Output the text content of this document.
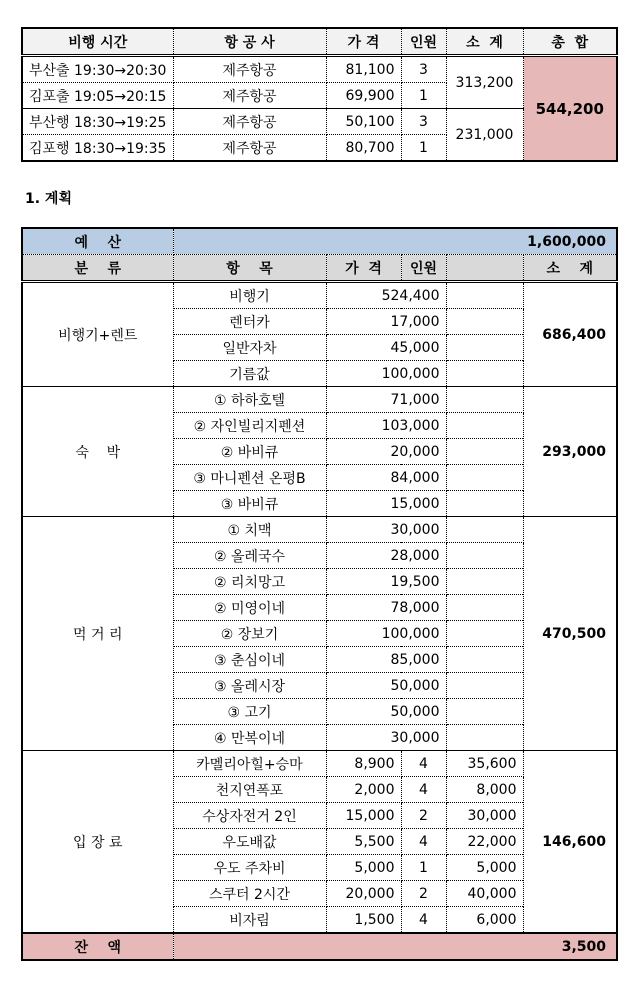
비행 시간	항 공 사	가 격	인원	소  계	총  합
부산출 19:30→20:30	제주항공	81,100	3	313,200	544,200
김포출 19:05→20:15	제주항공	69,900	1		
부산행 18:30→19:25	제주항공	50,100	3	231,000	
김포행 18:30→19:35	제주항공	80,700	1		
1. 계획
예    산	1,600,000				
분    류	항    목	가  격	인원		소    계
비행기+렌트	비행기	524,400			686,400
	렌터카	17,000			
	일반자차	45,000			
	기름값	100,000			
숙    박	① 하하호텔	71,000			293,000
	② 자인빌리지펜션	103,000			
	② 바비큐	20,000			
	③ 마니펜션 온평B	84,000			
	③ 바비큐	15,000			
먹 거 리	① 치맥	30,000			470,500
	② 올레국수	28,000			
	② 리치망고	19,500			
	② 미영이네	78,000			
	② 장보기	100,000			
	③ 춘심이네	85,000			
	③ 올레시장	50,000			
	③ 고기	50,000			
	④ 만복이네	30,000			
입 장 료	카멜리아힐+승마	8,900	4	35,600	146,600
	천지연폭포	2,000	4	8,000	
	수상자전거 2인	15,000	2	30,000	
	우도배값	5,500	4	22,000	
	우도 주차비	5,000	1	5,000	
	스쿠터 2시간	20,000	2	40,000	
	비자림	1,500	4	6,000	
잔    액	3,500				
